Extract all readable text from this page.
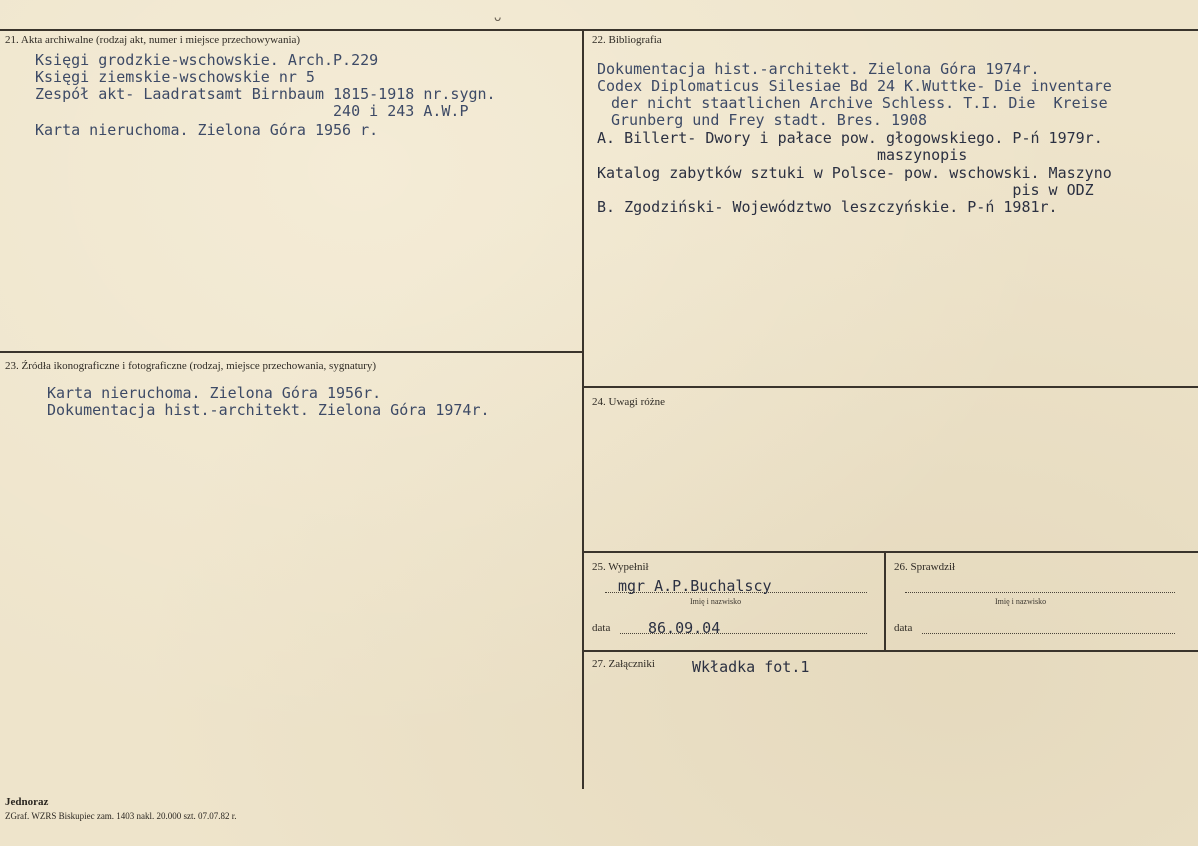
ᴗ
21. Akta archiwalne (rodzaj akt, numer i miejsce przechowywania)
Księgi grodzkie-wschowskie. Arch.P.229
Księgi ziemskie-wschowskie nr 5
Zespół akt- Laadratsamt Birnbaum 1815-1918 nr.sygn.
240 i 243 A.W.P
Karta nieruchoma. Zielona Góra 1956 r.
22. Bibliografia
Dokumentacja hist.-architekt. Zielona Góra 1974r.
Codex Diplomaticus Silesiae Bd 24 K.Wuttke- Die inventare
der nicht staatlichen Archive Schless. T.I. Die  Kreise
Grunberg und Frey stadt. Bres. 1908
A. Billert- Dwory i pałace pow. głogowskiego. P-ń 1979r.
maszynopis
Katalog zabytków sztuki w Polsce- pow. wschowski. Maszyno
pis w ODZ
B. Zgodziński- Województwo leszczyńskie. P-ń 1981r.
23. Źródła ikonograficzne i fotograficzne (rodzaj, miejsce przechowania, sygnatury)
Karta nieruchoma. Zielona Góra 1956r.
Dokumentacja hist.-architekt. Zielona Góra 1974r.	24. Uwagi różne
25. Wypełnił
mgr A.P.Buchalscy
Imię i nazwisko
data	86.09.04
26. Sprawdził
Imię i nazwisko
data
27. Załączniki Wkładka fot.1
Jednoraz
ZGraf. WZRS Biskupiec zam. 1403 nakl. 20.000 szt. 07.07.82 r.
